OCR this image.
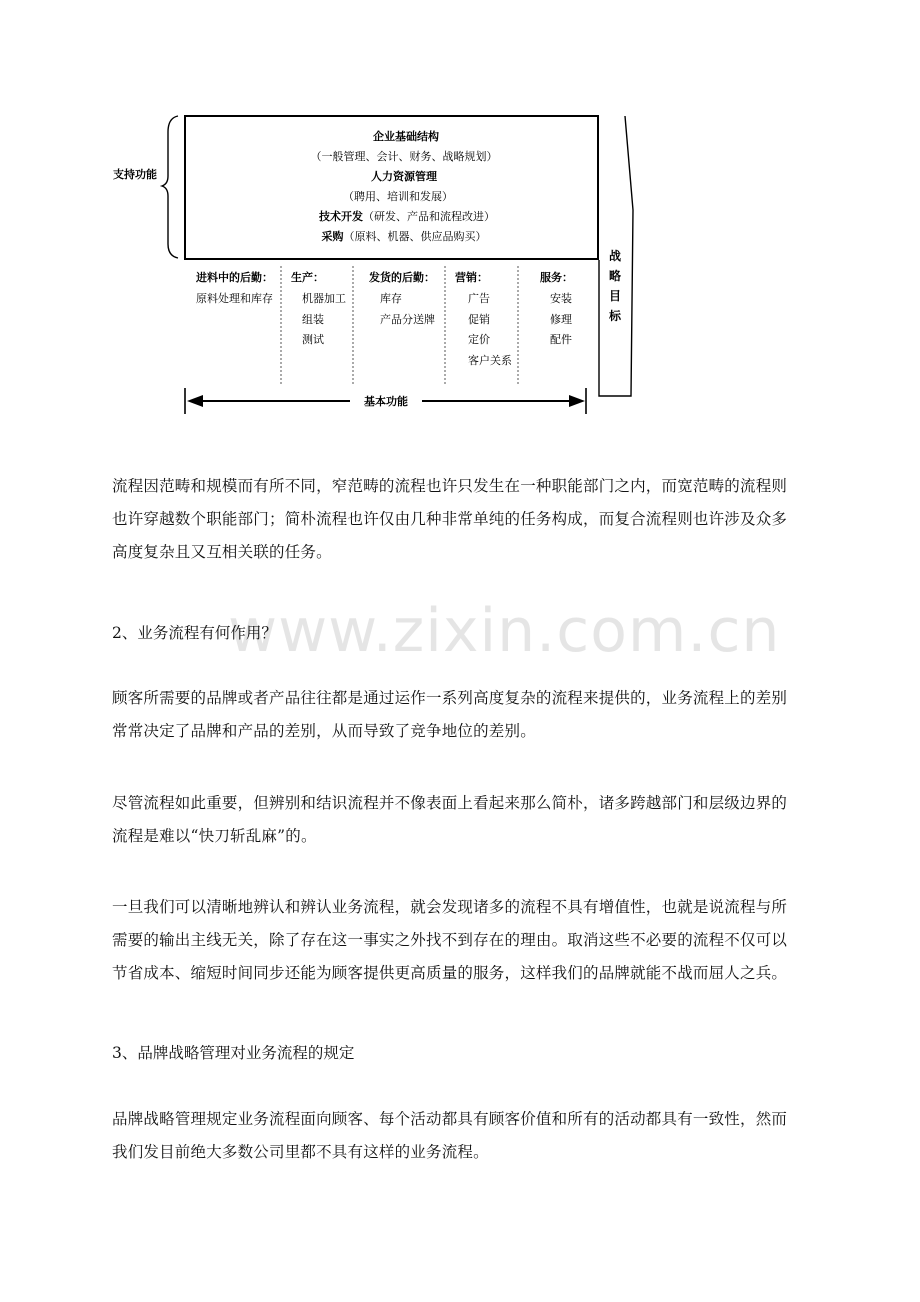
支持功能
企业基础结构
（一般管理、会计、财务、战略规划）
人力资源管理
（聘用、培训和发展）
技术开发（研发、产品和流程改进）
采购（原料、机器、供应品购买）
战
略
目
标
进料中的后勤：
原料处理和库存
生产：
机器加工
组装
测试
发货的后勤：
库存
产品分送牌
营销：
广告
促销
定价
客户关系
服务：
安装
修理
配件
基本功能
www.zixin.com.cn
流程因范畴和规模而有所不同，窄范畴的流程也许只发生在一种职能部门之内，而宽范畴的流程则
也许穿越数个职能部门；简朴流程也许仅由几种非常单纯的任务构成，而复合流程则也许涉及众多
高度复杂且又互相关联的任务。
2、业务流程有何作用？
顾客所需要的品牌或者产品往往都是通过运作一系列高度复杂的流程来提供的，业务流程上的差别
常常决定了品牌和产品的差别，从而导致了竞争地位的差别。
尽管流程如此重要，但辨别和结识流程并不像表面上看起来那么简朴，诸多跨越部门和层级边界的
流程是难以“快刀斩乱麻”的。
一旦我们可以清晰地辨认和辨认业务流程，就会发现诸多的流程不具有增值性，也就是说流程与所
需要的输出主线无关，除了存在这一事实之外找不到存在的理由。取消这些不必要的流程不仅可以
节省成本、缩短时间同步还能为顾客提供更高质量的服务，这样我们的品牌就能不战而屈人之兵。
3、品牌战略管理对业务流程的规定
品牌战略管理规定业务流程面向顾客、每个活动都具有顾客价值和所有的活动都具有一致性，然而
我们发目前绝大多数公司里都不具有这样的业务流程。
